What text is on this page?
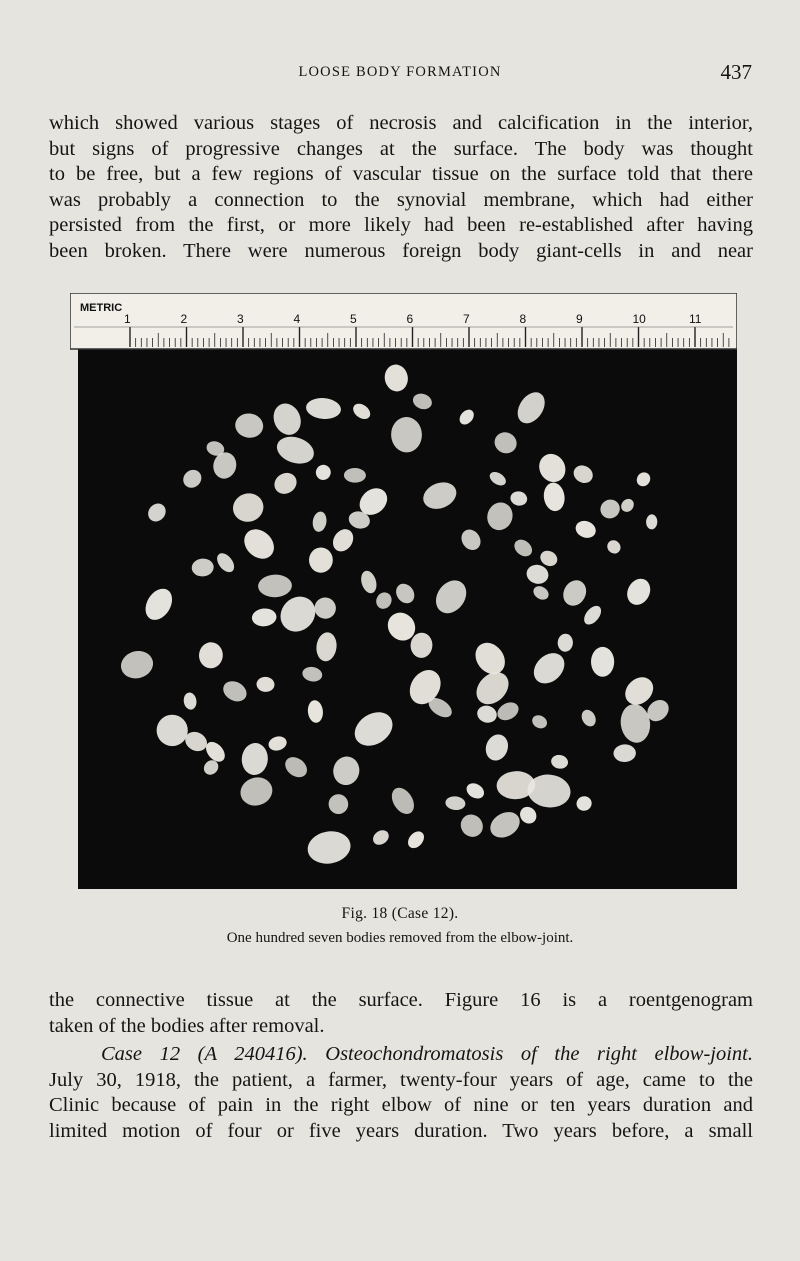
LOOSE BODY FORMATION	437
which showed various stages of necrosis and calcification in the interior,
but signs of progressive changes at the surface. The body was thought
to be free, but a few regions of vascular tissue on the surface told that there
was probably a connection to the synovial membrane, which had either
persisted from the first, or more likely had been re-established after having
been broken. There were numerous foreign body giant-cells in and near
METRIC
1	2	3	4	5	6	7	8	9	10	11
Fig. 18 (Case 12).
One hundred seven bodies removed from the elbow-joint.
the connective tissue at the surface. Figure 16 is a roentgenogram
taken of the bodies after removal.
Case 12 (A 240416). Osteochondromatosis of the right elbow-joint.
July 30, 1918, the patient, a farmer, twenty-four years of age, came to the
Clinic because of pain in the right elbow of nine or ten years duration and
limited motion of four or five years duration. Two years before, a small
